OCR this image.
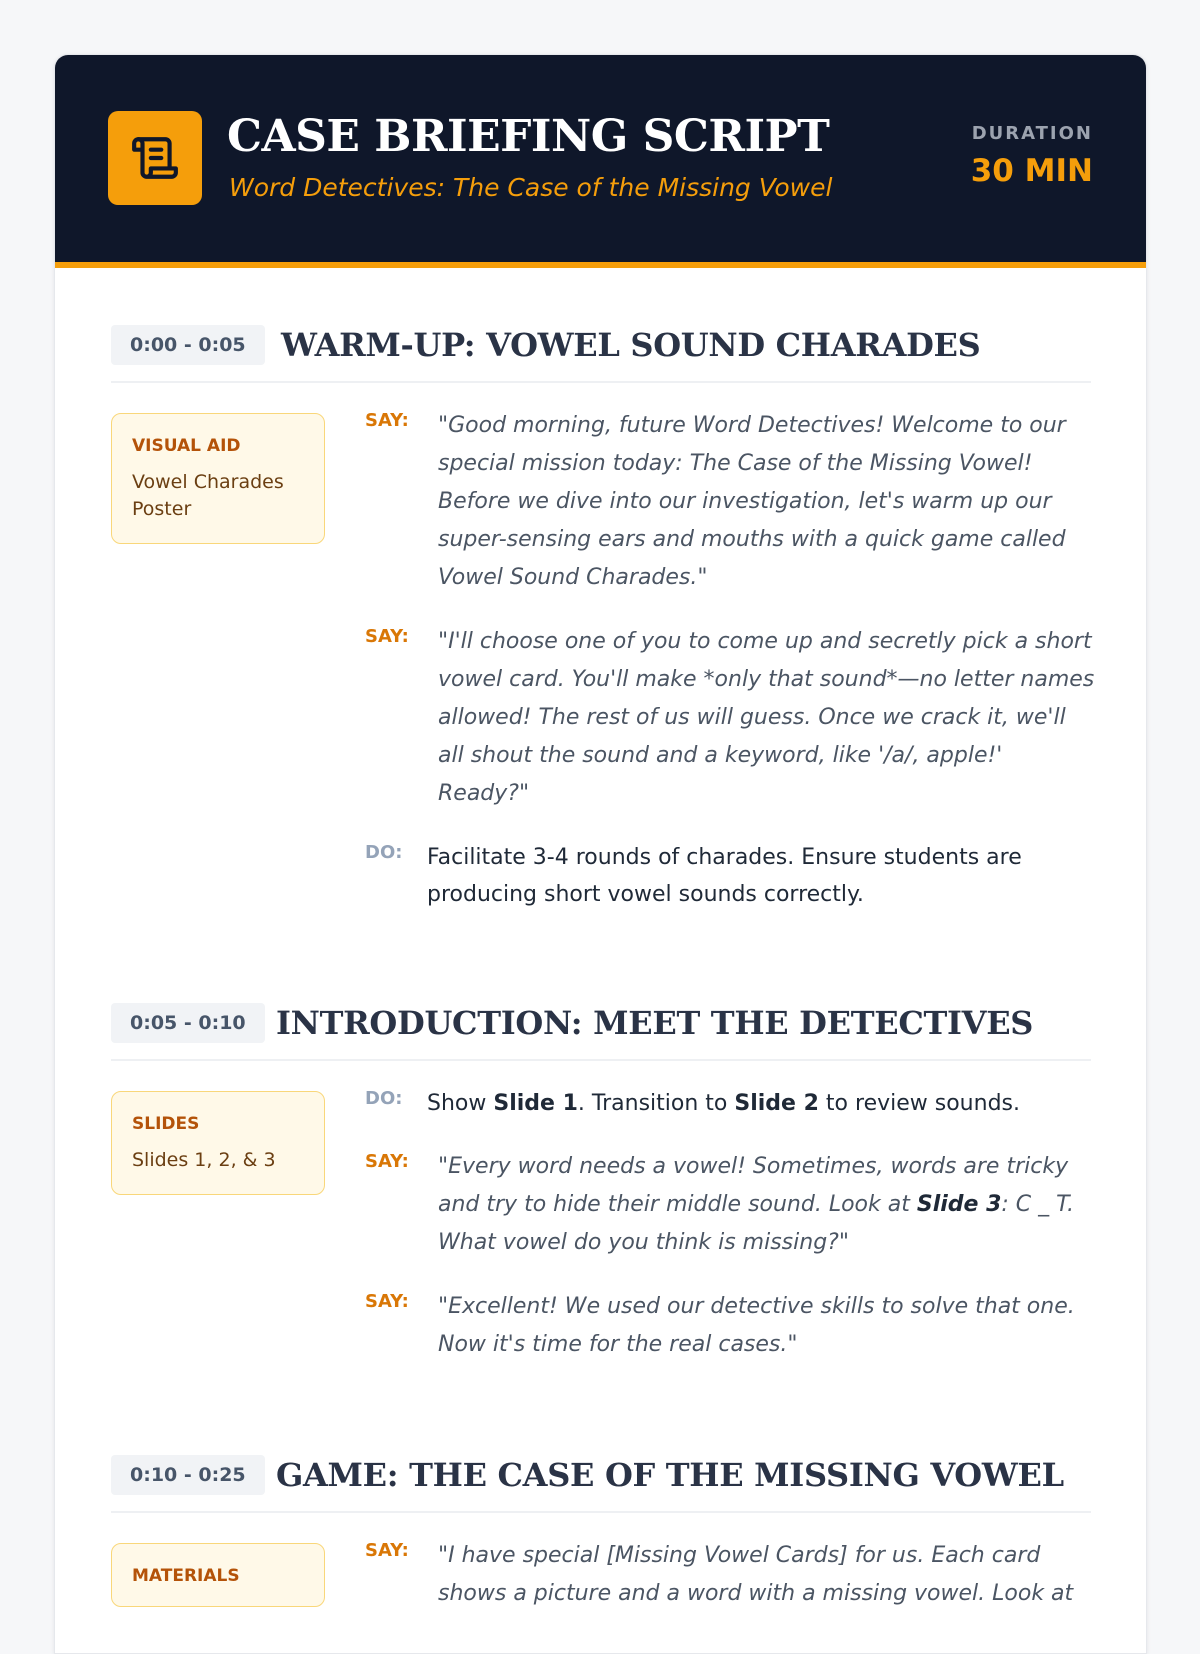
CASE BRIEFING SCRIPT
Word Detectives: The Case of the Missing Vowel
DURATION
30 MIN
0:00 - 0:05	WARM-UP: VOWEL SOUND CHARADES
VISUAL AID
Vowel Charades Poster
SAY: "Good morning, future Word Detectives! Welcome to our special mission today: The Case of the Missing Vowel! Before we dive into our investigation, let's warm up our super-sensing ears and mouths with a quick game called Vowel Sound Charades."
SAY: "I'll choose one of you to come up and secretly pick a short vowel card. You'll make *only that sound*—no letter names allowed! The rest of us will guess. Once we crack it, we'll all shout the sound and a keyword, like '/a/, apple!' Ready?"
DO: Facilitate 3-4 rounds of charades. Ensure students are producing short vowel sounds correctly.
0:05 - 0:10 INTRODUCTION: MEET THE DETECTIVES
SLIDES
Slides 1, 2, & 3
DO: Show Slide 1. Transition to Slide 2 to review sounds.
SAY: "Every word needs a vowel! Sometimes, words are tricky and try to hide their middle sound. Look at Slide 3: C _ T. What vowel do you think is missing?"
SAY: "Excellent! We used our detective skills to solve that one. Now it's time for the real cases."
0:10 - 0:25 GAME: THE CASE OF THE MISSING VOWEL
MATERIALS
SAY: "I have special [Missing Vowel Cards] for us. Each card shows a picture and a word with a missing vowel. Look at
